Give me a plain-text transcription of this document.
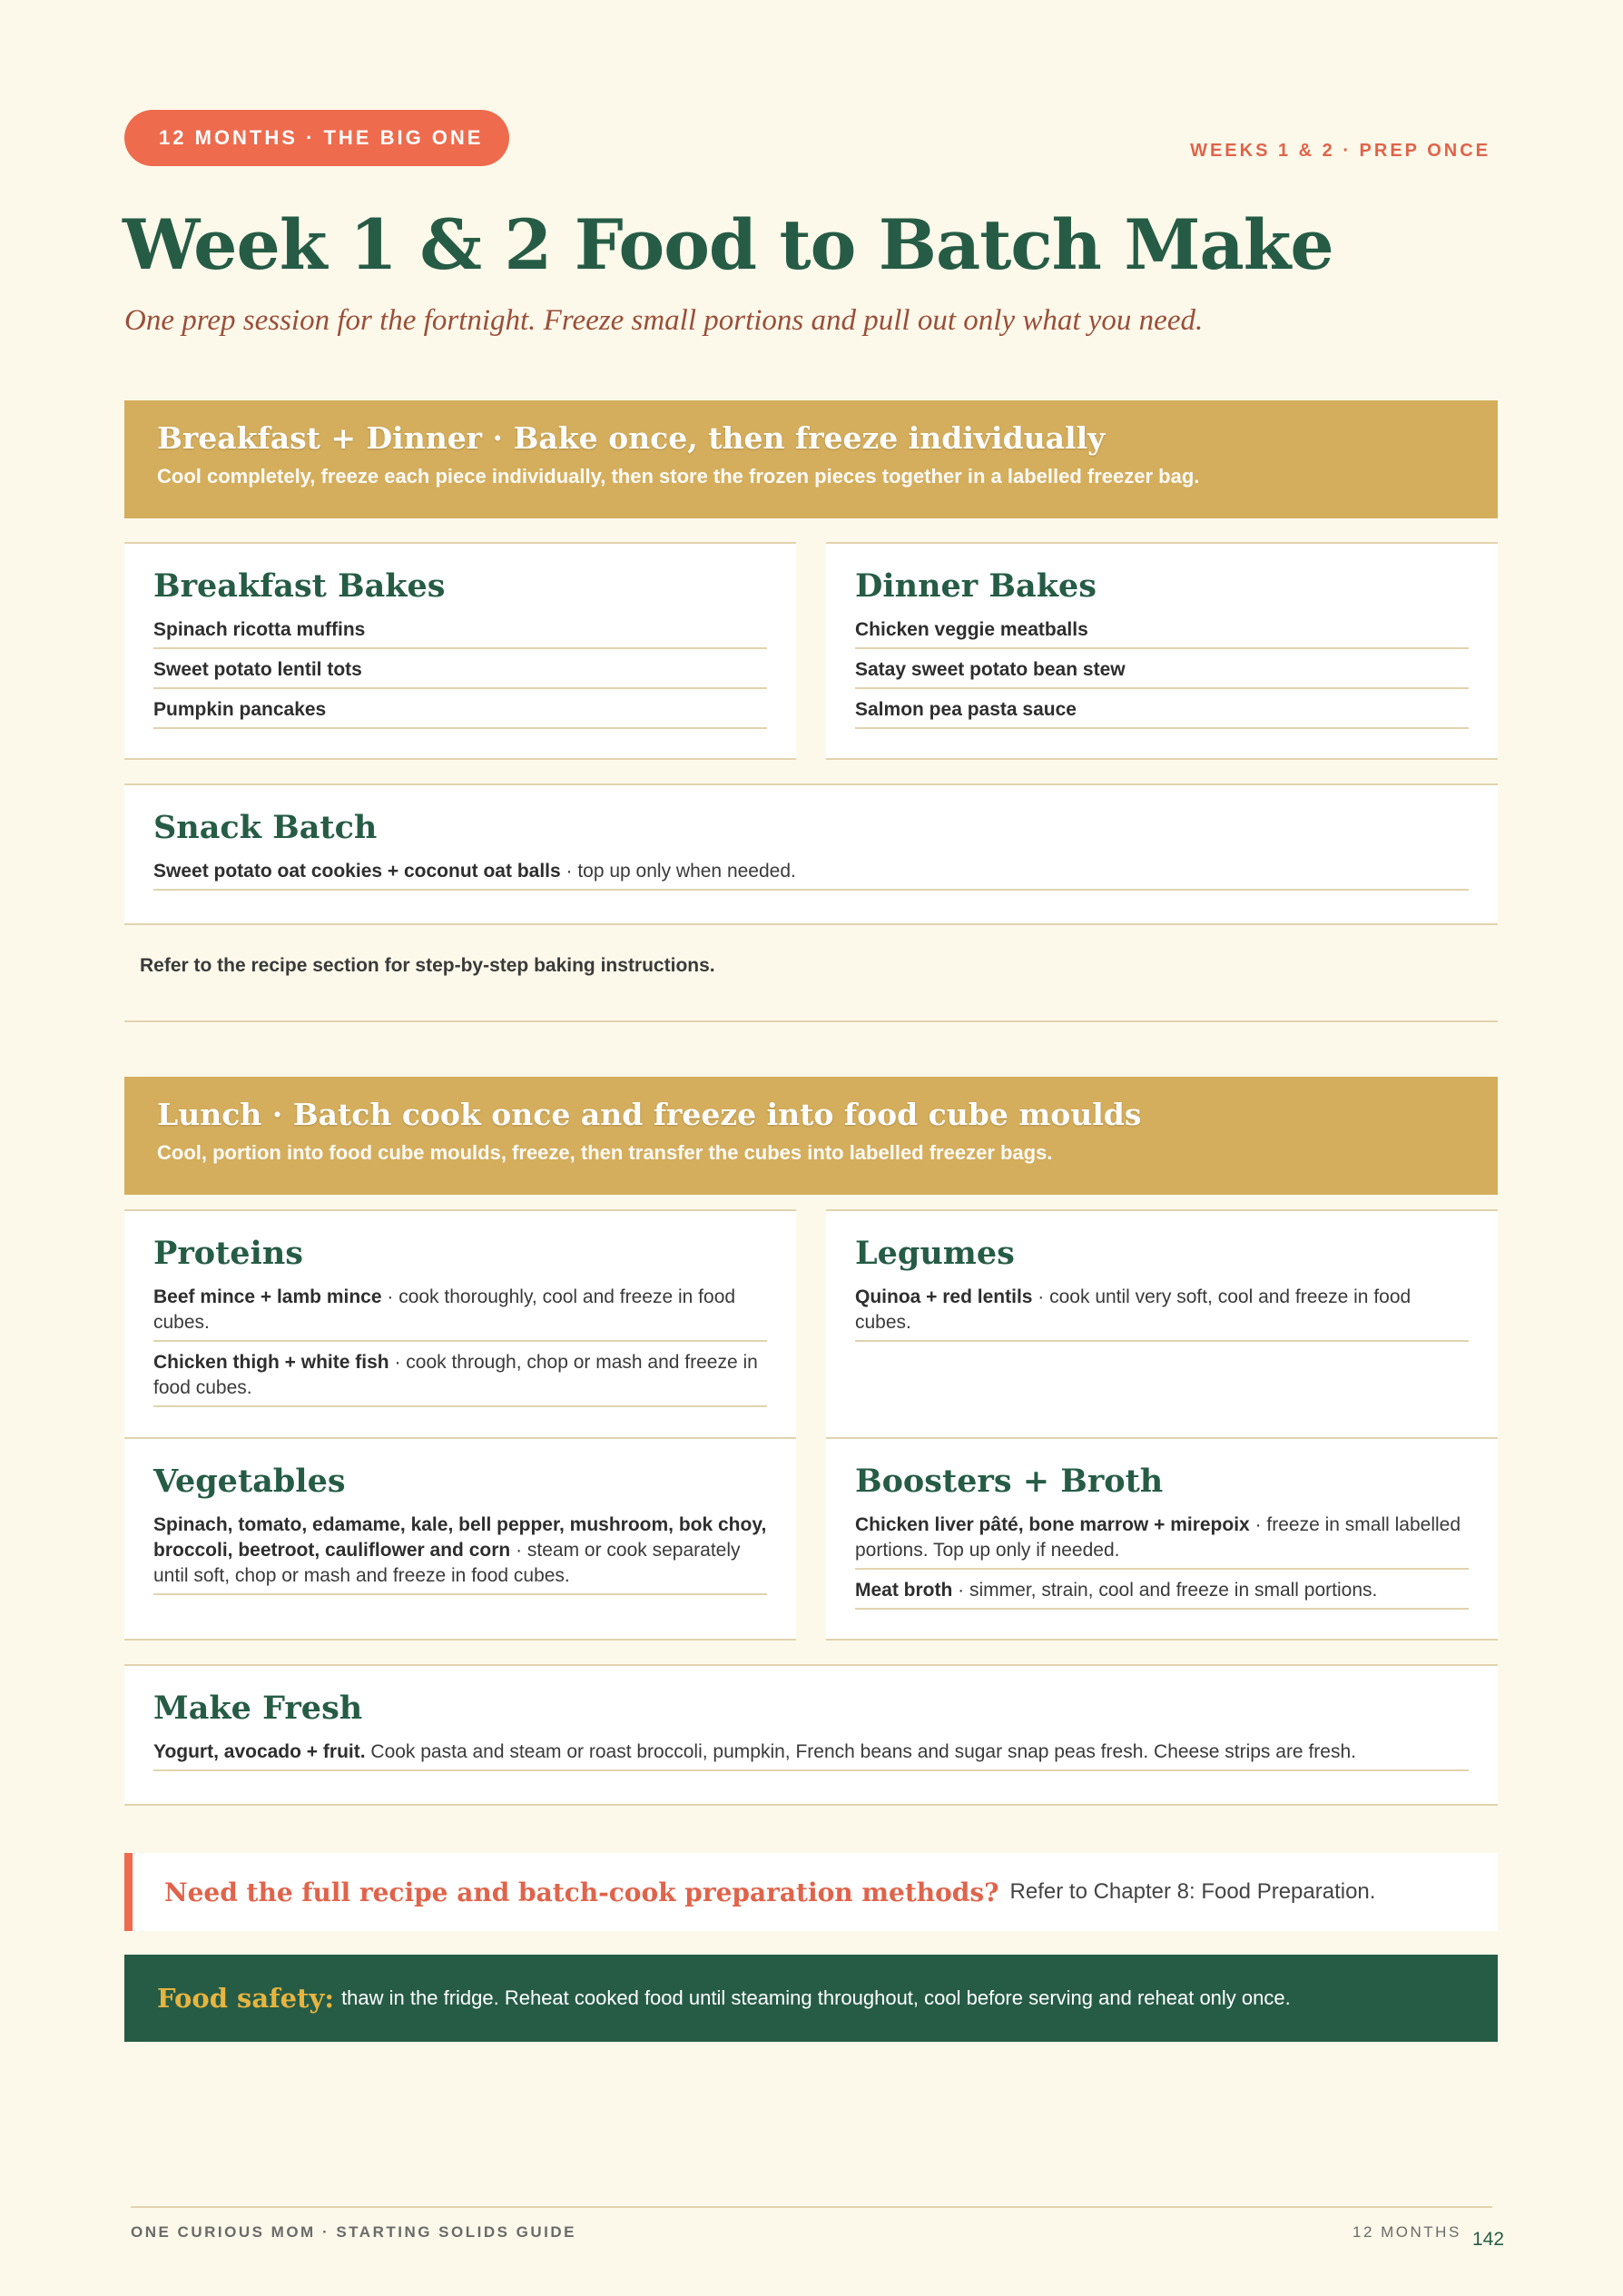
12 MONTHS · THE BIG ONE
WEEKS 1 & 2 · PREP ONCE
Week 1 & 2 Food to Batch Make

One prep session for the fortnight. Freeze small portions and pull out only what you need.

Breakfast + Dinner · Bake once, then freeze individually

Cool completely, freeze each piece individually, then store the frozen pieces together in a labelled freezer bag.

Breakfast Bakes
Spinach ricotta muffins
Sweet potato lentil tots
Pumpkin pancakes
Dinner Bakes
Chicken veggie meatballs
Satay sweet potato bean stew
Salmon pea pasta sauce
Snack Batch
Sweet potato oat cookies + coconut oat balls · top up only when needed.
Refer to the recipe section for step-by-step baking instructions.
Lunch · Batch cook once and freeze into food cube moulds

Cool, portion into food cube moulds, freeze, then transfer the cubes into labelled freezer bags.

Proteins
Beef mince + lamb mince · cook thoroughly, cool and freeze in food cubes.
Chicken thigh + white fish · cook through, chop or mash and freeze in food cubes.
Legumes
Quinoa + red lentils · cook until very soft, cool and freeze in food cubes.
Vegetables
Spinach, tomato, edamame, kale, bell pepper, mushroom, bok choy, broccoli, beetroot, cauliflower and corn · steam or cook separately until soft, chop or mash and freeze in food cubes.
Boosters + Broth
Chicken liver pâté, bone marrow + mirepoix · freeze in small labelled portions. Top up only if needed.
Meat broth · simmer, strain, cool and freeze in small portions.
Make Fresh
Yogurt, avocado + fruit. Cook pasta and steam or roast broccoli, pumpkin, French beans and sugar snap peas fresh. Cheese strips are fresh.
Need the full recipe and batch-cook preparation methods? Refer to Chapter 8: Food Preparation.
Food safety: thaw in the fridge. Reheat cooked food until steaming throughout, cool before serving and reheat only once.
ONE CURIOUS MOM · STARTING SOLIDS GUIDE	12 MONTHS 142
